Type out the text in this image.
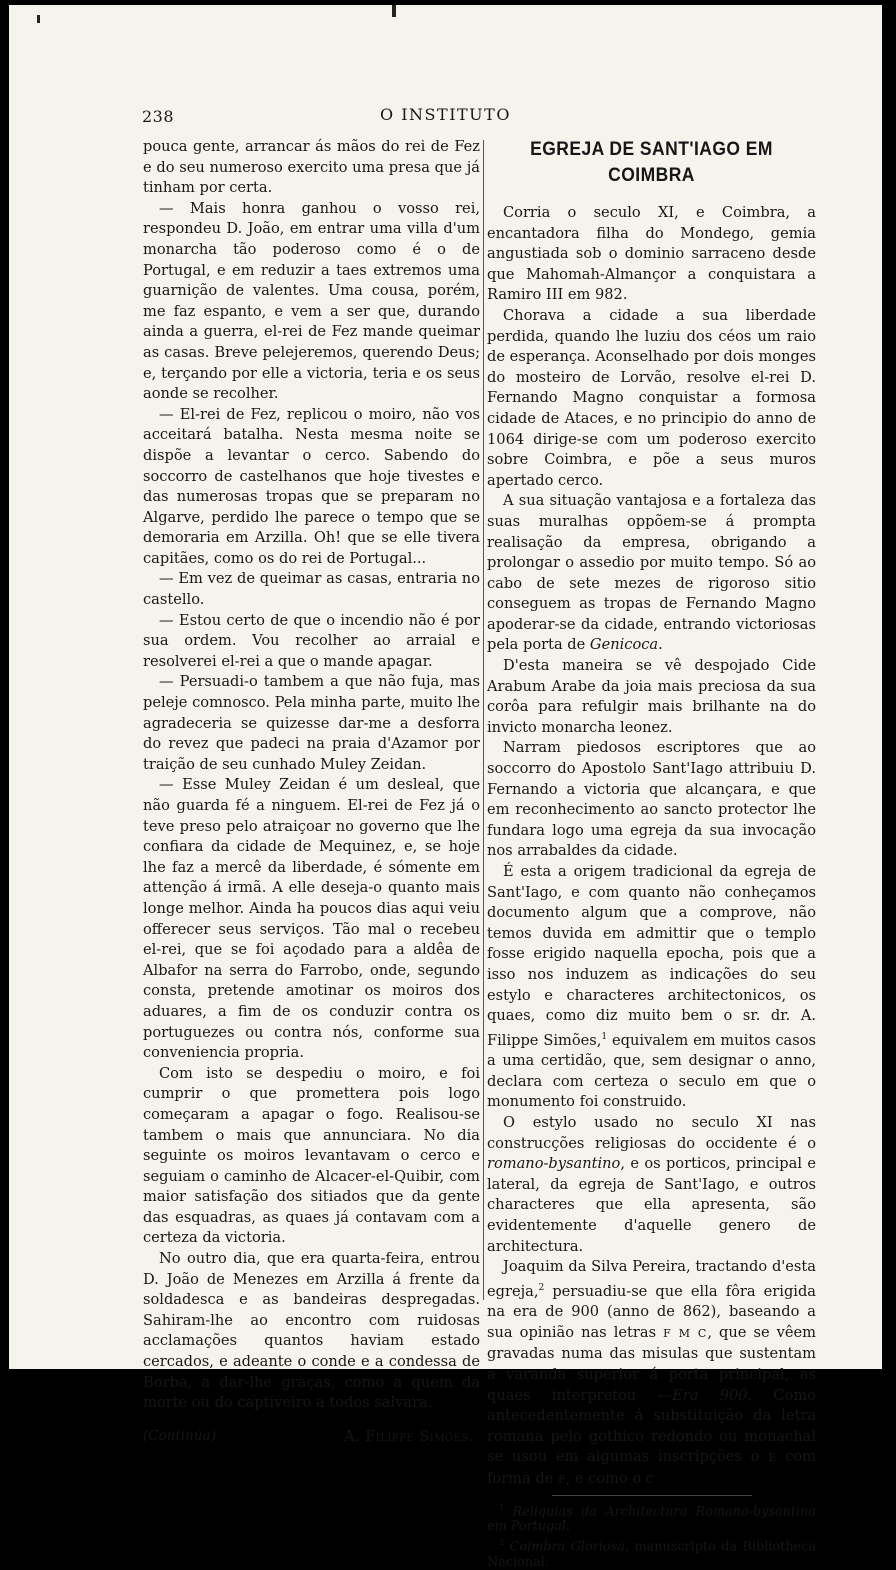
238	O INSTITUTO

pouca gente, arrancar ás mãos do rei de Fez e do seu numeroso exercito uma presa que já tinham por certa.

— Mais honra ganhou o vosso rei, respondeu D. João, em entrar uma villa d'um monarcha tão poderoso como é o de Portugal, e em reduzir a taes extremos uma guarnição de valentes. Uma cousa, porém, me faz espanto, e vem a ser que, durando ainda a guerra, el-rei de Fez mande queimar as casas. Breve pelejeremos, querendo Deus; e, terçando por elle a victoria, teria e os seus aonde se recolher.

— El-rei de Fez, replicou o moiro, não vos acceitará batalha. Nesta mesma noite se dispõe a levantar o cerco. Sabendo do soccorro de castelhanos que hoje tivestes e das numerosas tropas que se preparam no Algarve, perdido lhe parece o tempo que se demoraria em Arzilla. Oh! que se elle tivera capitães, como os do rei de Portugal...

— Em vez de queimar as casas, entraria no castello.

— Estou certo de que o incendio não é por sua ordem. Vou recolher ao arraial e resolverei el-rei a que o mande apagar.

— Persuadi-o tambem a que não fuja, mas peleje comnosco. Pela minha parte, muito lhe agradeceria se quizesse dar-me a desforra do revez que padeci na praia d'Azamor por traição de seu cunhado Muley Zeidan.

— Esse Muley Zeidan é um desleal, que não guarda fé a ninguem. El-rei de Fez já o teve preso pelo atraiçoar no governo que lhe confiara da cidade de Mequinez, e, se hoje lhe faz a mercê da liberdade, é sómente em attenção á irmã. A elle deseja-o quanto mais longe melhor. Ainda ha poucos dias aqui veiu offerecer seus serviços. Tão mal o recebeu el-rei, que se foi açodado para a aldêa de Albafor na serra do Farrobo, onde, segundo consta, pretende amotinar os moiros dos aduares, a fim de os conduzir contra os portuguezes ou contra nós, conforme sua conveniencia propria.

Com isto se despediu o moiro, e foi cumprir o que promettera pois logo começaram a apagar o fogo. Realisou-se tambem o mais que annunciara. No dia seguinte os moiros levantavam o cerco e seguiam o caminho de Alcacer-el-Quibir, com maior satisfação dos sitiados que da gente das esquadras, as quaes já contavam com a certeza da victoria.

No outro dia, que era quarta-feira, entrou D. João de Menezes em Arzilla á frente da soldadesca e as bandeiras despregadas. Sahiram-lhe ao encontro com ruidosas acclamações quantos haviam estado cercados, e adeante o conde e a condessa de Borba, a dar-lhe graças, como a quem da morte ou do captiveiro a todos salvara.

(Continúa)	A. Filippe Simões.
EGREJA DE SANT'IAGO EM COIMBRA

Corria o seculo XI, e Coimbra, a encantadora filha do Mondego, gemia angustiada sob o dominio sarraceno desde que Mahomah-Almançor a conquistara a Ramiro III em 982.

Chorava a cidade a sua liberdade perdida, quando lhe luziu dos céos um raio de esperança. Aconselhado por dois monges do mosteiro de Lorvão, resolve el-rei D. Fernando Magno conquistar a formosa cidade de Ataces, e no principio do anno de 1064 dirige-se com um poderoso exercito sobre Coimbra, e põe a seus muros apertado cerco.

A sua situação vantajosa e a fortaleza das suas muralhas oppõem-se á prompta realisação da empresa, obrigando a prolongar o assedio por muito tempo. Só ao cabo de sete mezes de rigoroso sitio conseguem as tropas de Fernando Magno apoderar-se da cidade, entrando victoriosas pela porta de Genicoca.

D'esta maneira se vê despojado Cide Arabum Arabe da joia mais preciosa da sua corôa para refulgir mais brilhante na do invicto monarcha leonez.

Narram piedosos escriptores que ao soccorro do Apostolo Sant'Iago attribuiu D. Fernando a victoria que alcançara, e que em reconhecimento ao sancto protector lhe fundara logo uma egreja da sua invocação nos arrabaldes da cidade.

É esta a origem tradicional da egreja de Sant'Iago, e com quanto não conheçamos documento algum que a comprove, não temos duvida em admittir que o templo fosse erigido naquella epocha, pois que a isso nos induzem as indicações do seu estylo e characteres architectonicos, os quaes, como diz muito bem o sr. dr. A. Filippe Simões,$^1$ equivalem em muitos casos a uma certidão, que, sem designar o anno, declara com certeza o seculo em que o monumento foi construido.

O estylo usado no seculo XI nas construcções religiosas do occidente é o romano-bysantino, e os porticos, principal e lateral, da egreja de Sant'Iago, e outros characteres que ella apresenta, são evidentemente d'aquelle genero de architectura.

Joaquim da Silva Pereira, tractando d'esta egreja,$^2$ persuadiu-se que ella fôra erigida na era de 900 (anno de 862), baseando a sua opinião nas letras F M C, que se vêem gravadas numa das misulas que sustentam a varanda superior á porta principal, as quaes interpretou —Era 900. Como antecedentemente á substituição da letra romana pelo gothico redondo ou monachal se usou em algumas inscripções o E com forma de F, e como o C

$^1$ Reliquias da Architectura Romano-bysantina em Portugal.

$^2$ Coimbra Gloriosa, manuscripto da Bibliotheca Nacional.
